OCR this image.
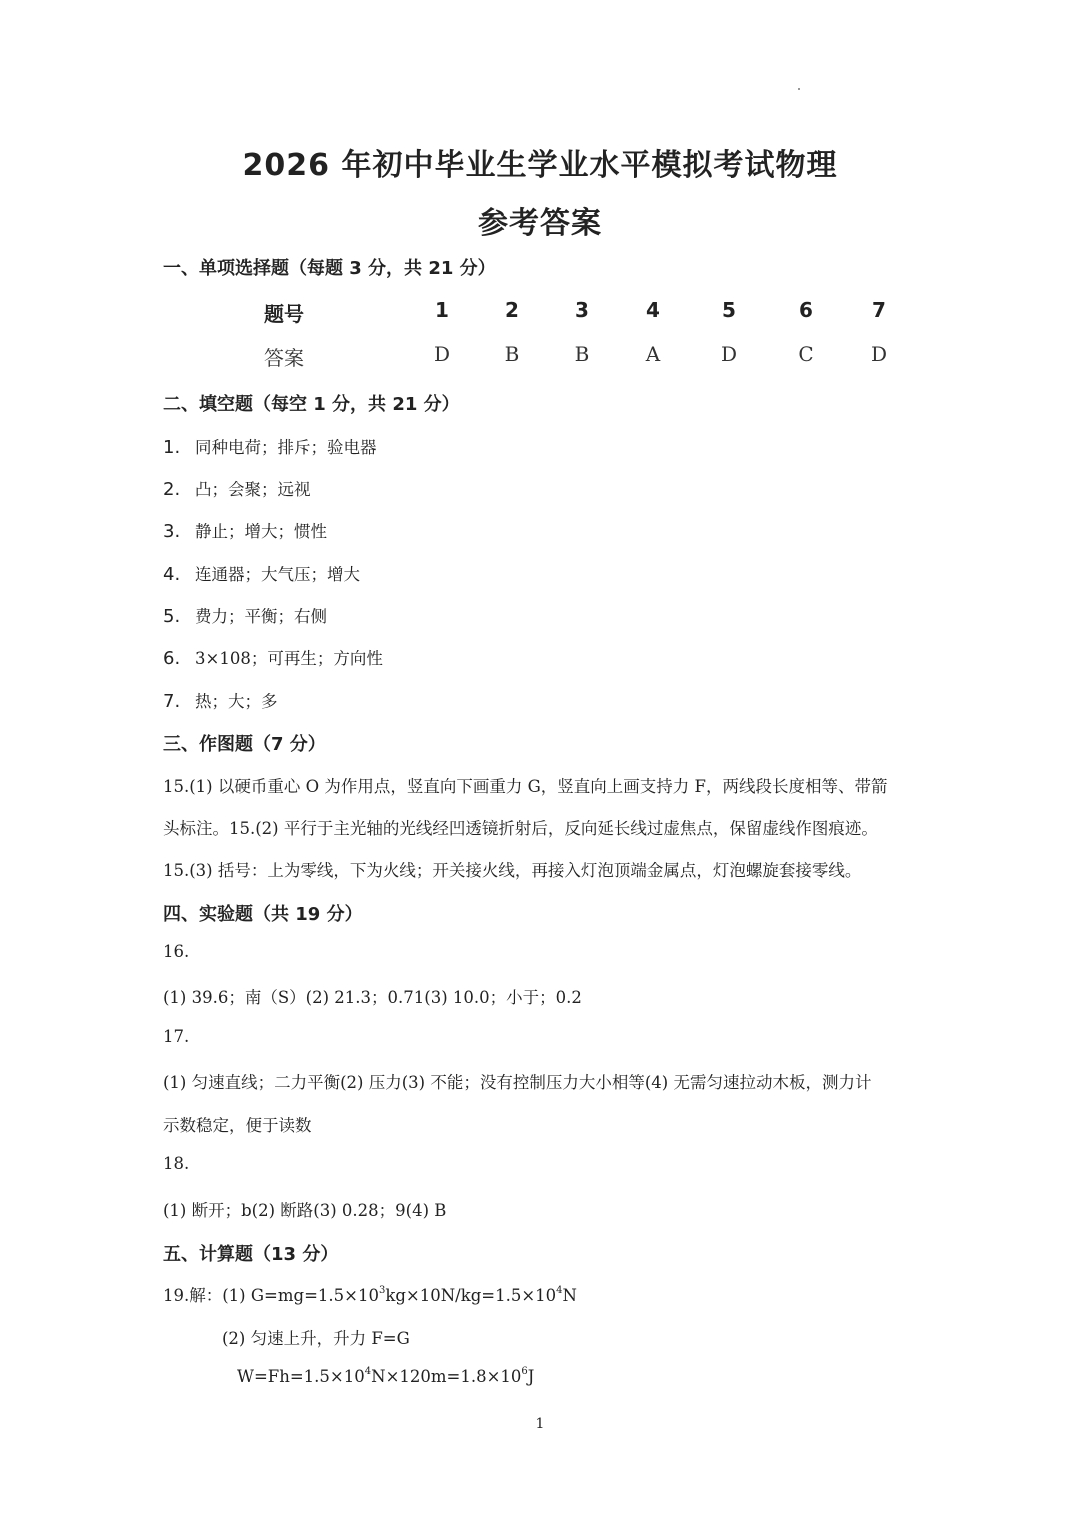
2026 年初中毕业生学业水平模拟考试物理
参考答案
一、单项选择题（每题 3 分，共 21 分）
题号	1	2	3	4	5	6	7
答案	D	B	B	A	D	C	D
二、填空题（每空 1 分，共 21 分）
1. 同种电荷；排斥；验电器
2. 凸；会聚；远视
3. 静止；增大；惯性
4. 连通器；大气压；增大
5. 费力；平衡；右侧
6. 3×108；可再生；方向性
7. 热；大；多
三、作图题（7 分）
15.(1) 以硬币重心 O 为作用点，竖直向下画重力 G，竖直向上画支持力 F，两线段长度相等、带箭
头标注。15.(2) 平行于主光轴的光线经凹透镜折射后，反向延长线过虚焦点，保留虚线作图痕迹。
15.(3) 括号：上为零线，下为火线；开关接火线，再接入灯泡顶端金属点，灯泡螺旋套接零线。
四、实验题（共 19 分）
16.
(1) 39.6；南（S）(2) 21.3；0.71(3) 10.0；小于；0.2
17.
(1) 匀速直线；二力平衡(2) 压力(3) 不能；没有控制压力大小相等(4) 无需匀速拉动木板，测力计
示数稳定，便于读数
18.
(1) 断开；b(2) 断路(3) 0.28；9(4) B
五、计算题（13 分）
19.解：(1) $G=mg=1.5\times 10^3kg\times 10N/kg=1.5\times 10^4N$
(2) 匀速上升，升力 F=G
$W=Fh=1.5\times 10^4N\times 120m=1.8\times 10^6J$
1
